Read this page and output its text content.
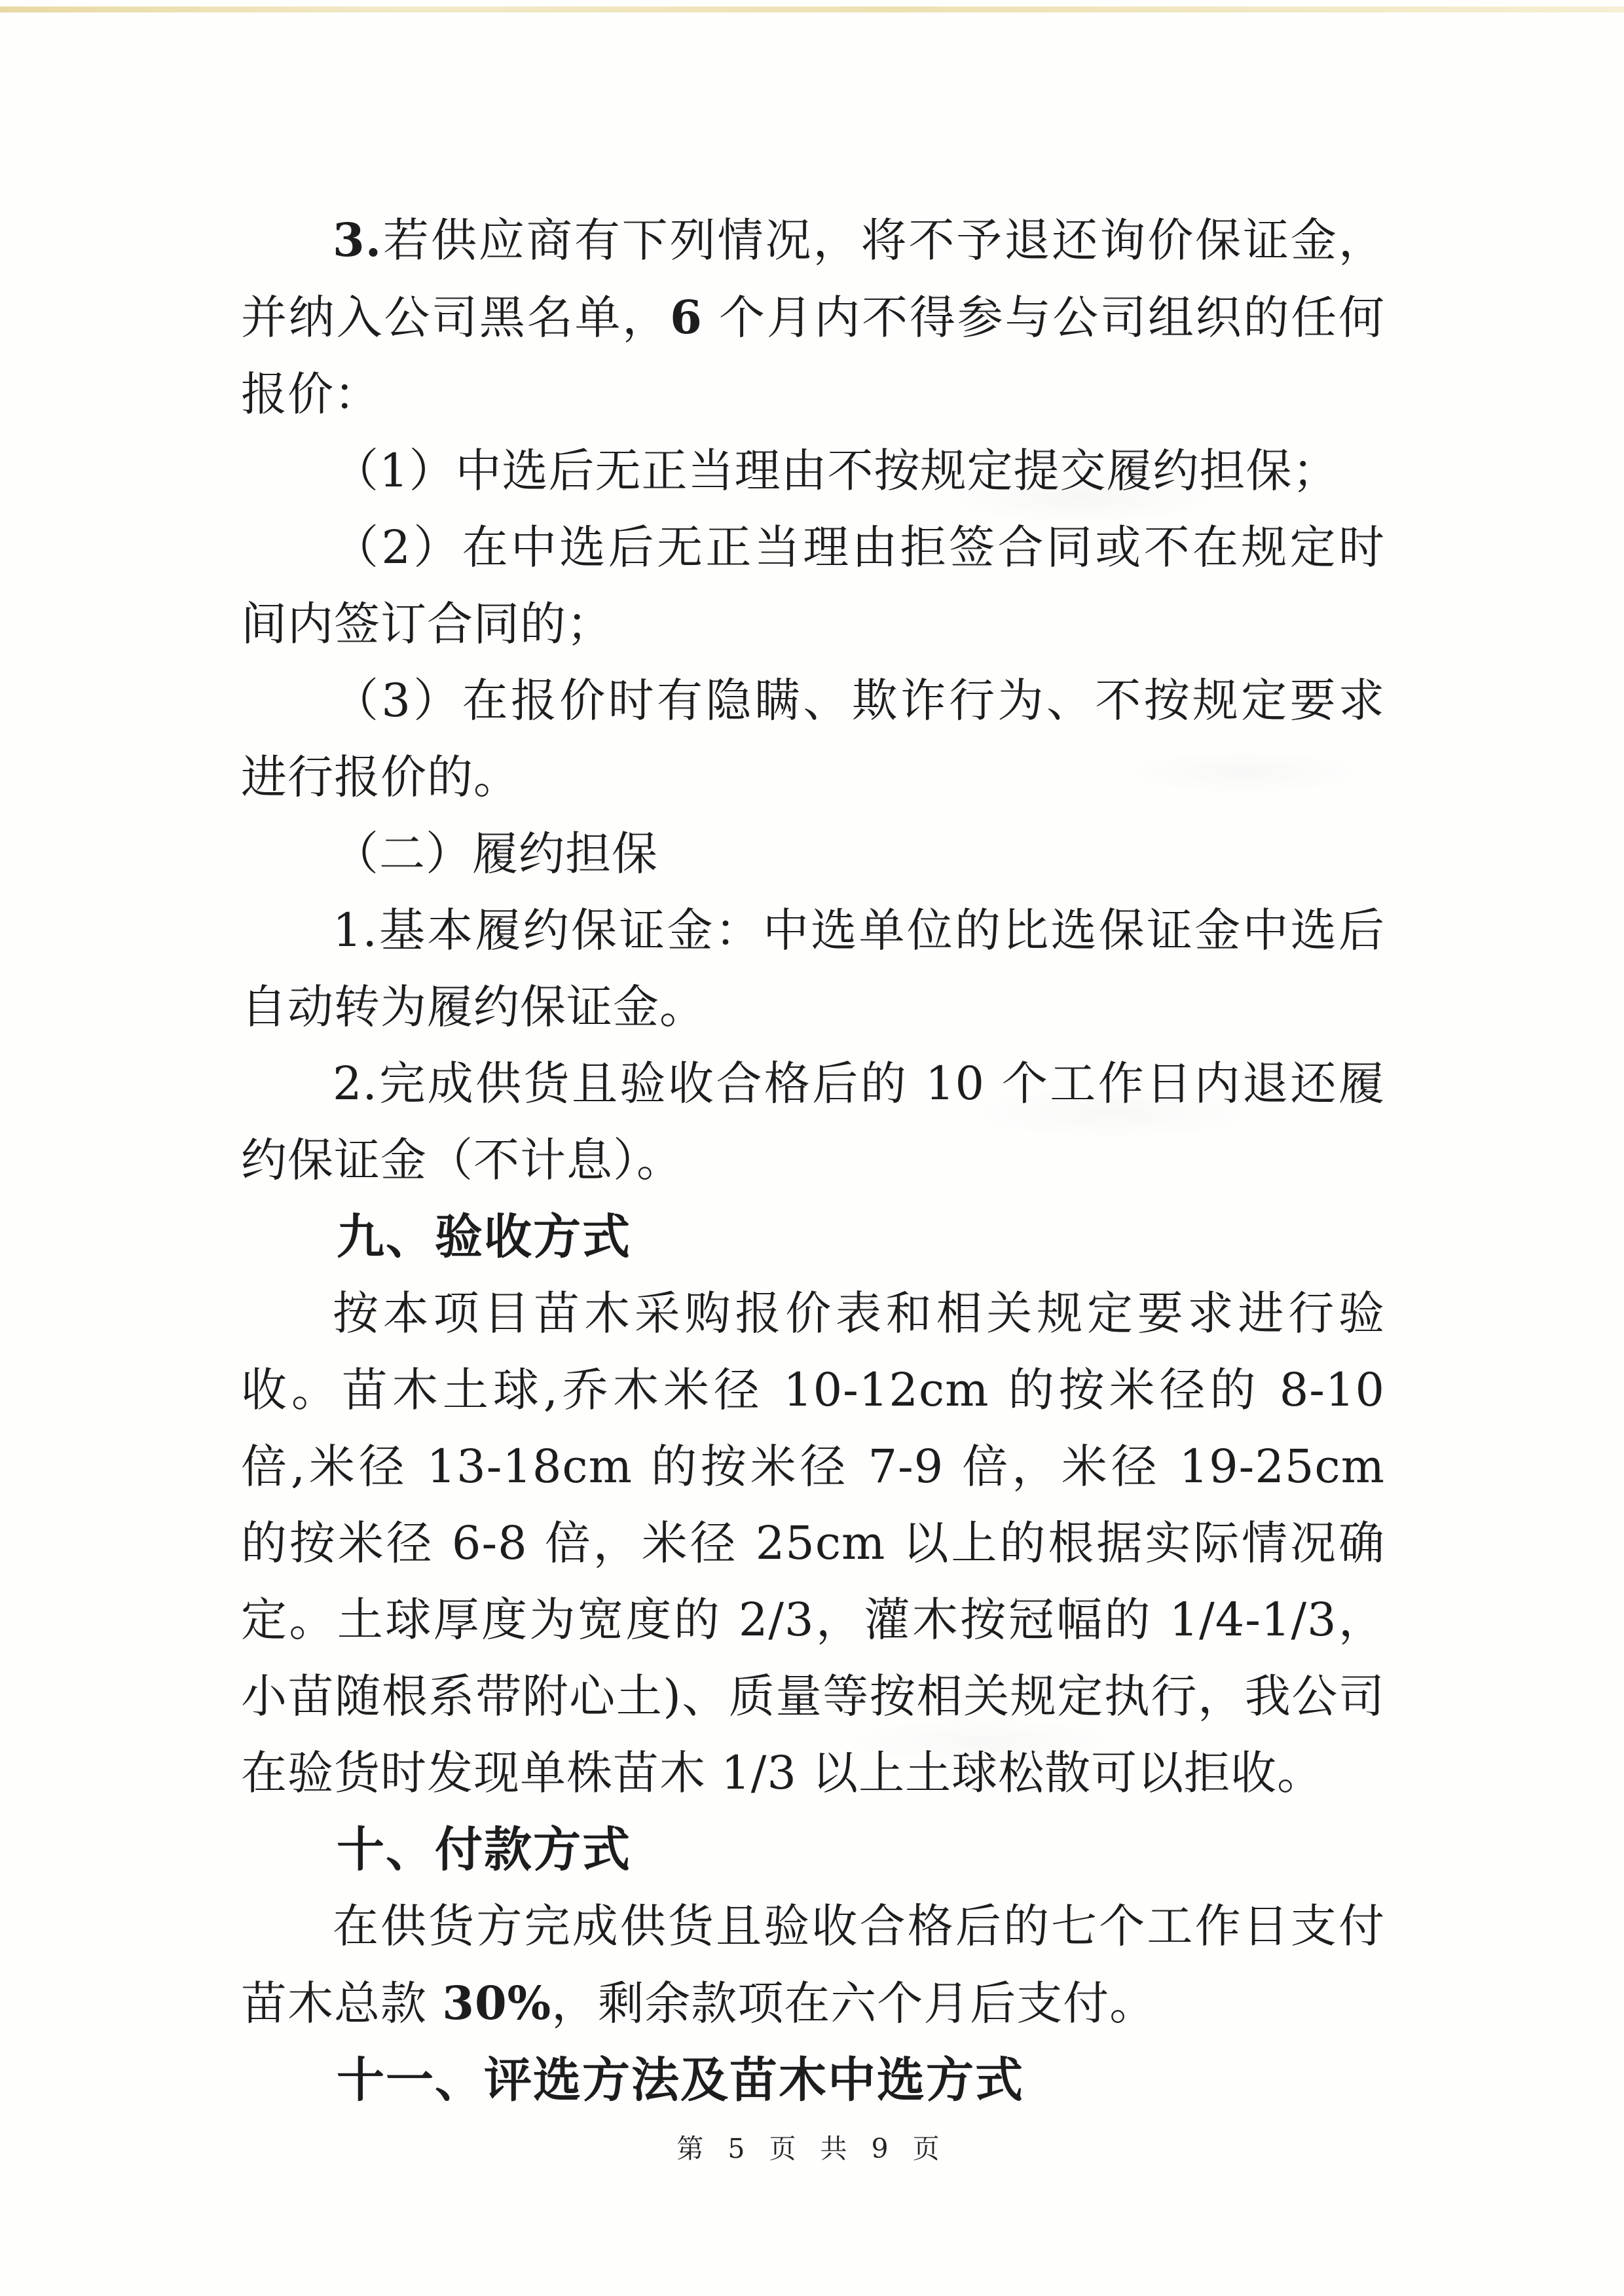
3.若供应商有下列情况，将不予退还询价保证金，并纳入公司黑名单，6 个月内不得参与公司组织的任何报价：

（1）中选后无正当理由不按规定提交履约担保；

（2）在中选后无正当理由拒签合同或不在规定时间内签订合同的；

（3）在报价时有隐瞒、欺诈行为、不按规定要求进行报价的。

（二）履约担保

1.基本履约保证金：中选单位的比选保证金中选后自动转为履约保证金。

2.完成供货且验收合格后的 10 个工作日内退还履约保证金（不计息）。

九、验收方式

按本项目苗木采购报价表和相关规定要求进行验收。苗木土球,乔木米径 10-12cm 的按米径的 8-10 倍,米径 13-18cm 的按米径 7-9 倍，米径 19-25cm 的按米径 6-8 倍，米径 25cm 以上的根据实际情况确定。土球厚度为宽度的 2/3，灌木按冠幅的 1/4-1/3，小苗随根系带附心土)、质量等按相关规定执行，我公司在验货时发现单株苗木 1/3 以上土球松散可以拒收。

十、付款方式

在供货方完成供货且验收合格后的七个工作日支付苗木总款 30%，剩余款项在六个月后支付。

十一、评选方法及苗木中选方式

第 5 页 共 9 页
